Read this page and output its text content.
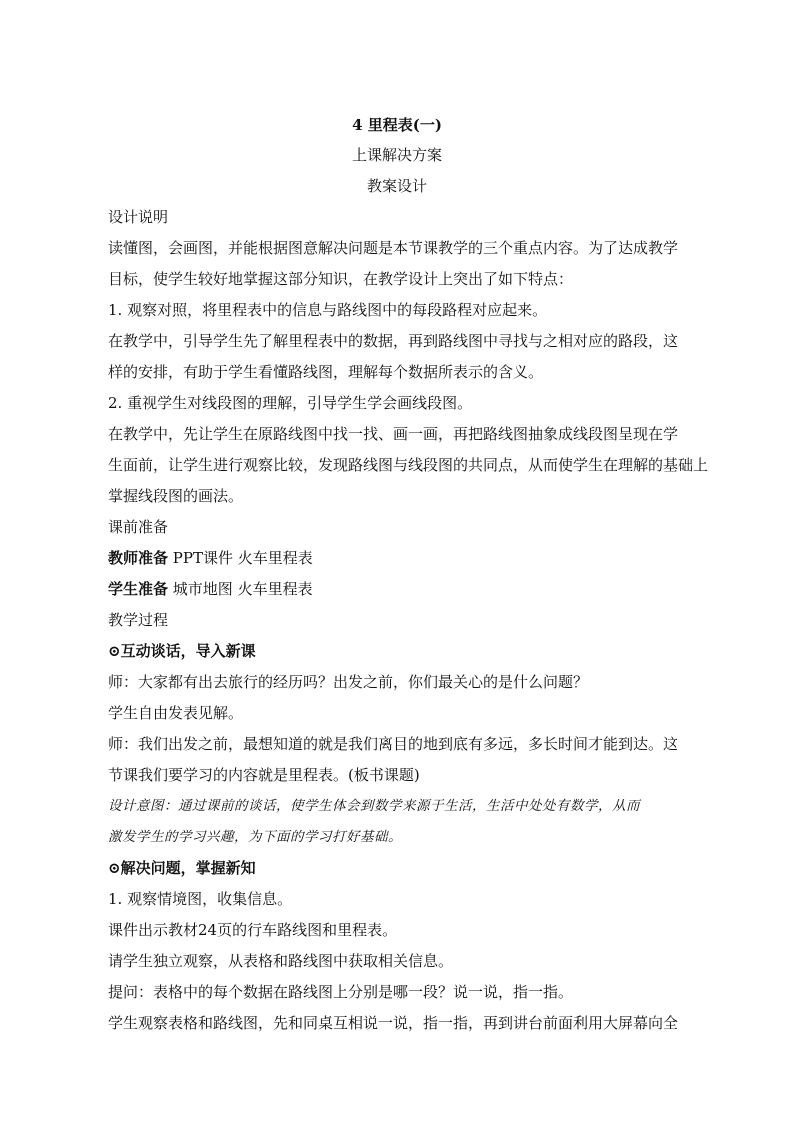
4 里程表(一)
上课解决方案
教案设计

设计说明

读懂图，会画图，并能根据图意解决问题是本节课教学的三个重点内容。为了达成教学

目标，使学生较好地掌握这部分知识，在教学设计上突出了如下特点：

1. 观察对照，将里程表中的信息与路线图中的每段路程对应起来。

在教学中，引导学生先了解里程表中的数据，再到路线图中寻找与之相对应的路段，这

样的安排，有助于学生看懂路线图，理解每个数据所表示的含义。

2. 重视学生对线段图的理解，引导学生学会画线段图。

在教学中，先让学生在原路线图中找一找、画一画，再把路线图抽象成线段图呈现在学

生面前，让学生进行观察比较，发现路线图与线段图的共同点，从而使学生在理解的基础上

掌握线段图的画法。

课前准备

教师准备 PPT课件 火车里程表

学生准备 城市地图 火车里程表

教学过程

⊙互动谈话，导入新课

师：大家都有出去旅行的经历吗？出发之前，你们最关心的是什么问题？

学生自由发表见解。

师：我们出发之前，最想知道的就是我们离目的地到底有多远，多长时间才能到达。这

节课我们要学习的内容就是里程表。(板书课题)

设计意图：通过课前的谈话，使学生体会到数学来源于生活，生活中处处有数学，从而

激发学生的学习兴趣，为下面的学习打好基础。

⊙解决问题，掌握新知

1. 观察情境图，收集信息。

课件出示教材24页的行车路线图和里程表。

请学生独立观察，从表格和路线图中获取相关信息。

提问：表格中的每个数据在路线图上分别是哪一段？说一说，指一指。

学生观察表格和路线图，先和同桌互相说一说，指一指，再到讲台前面利用大屏幕向全
